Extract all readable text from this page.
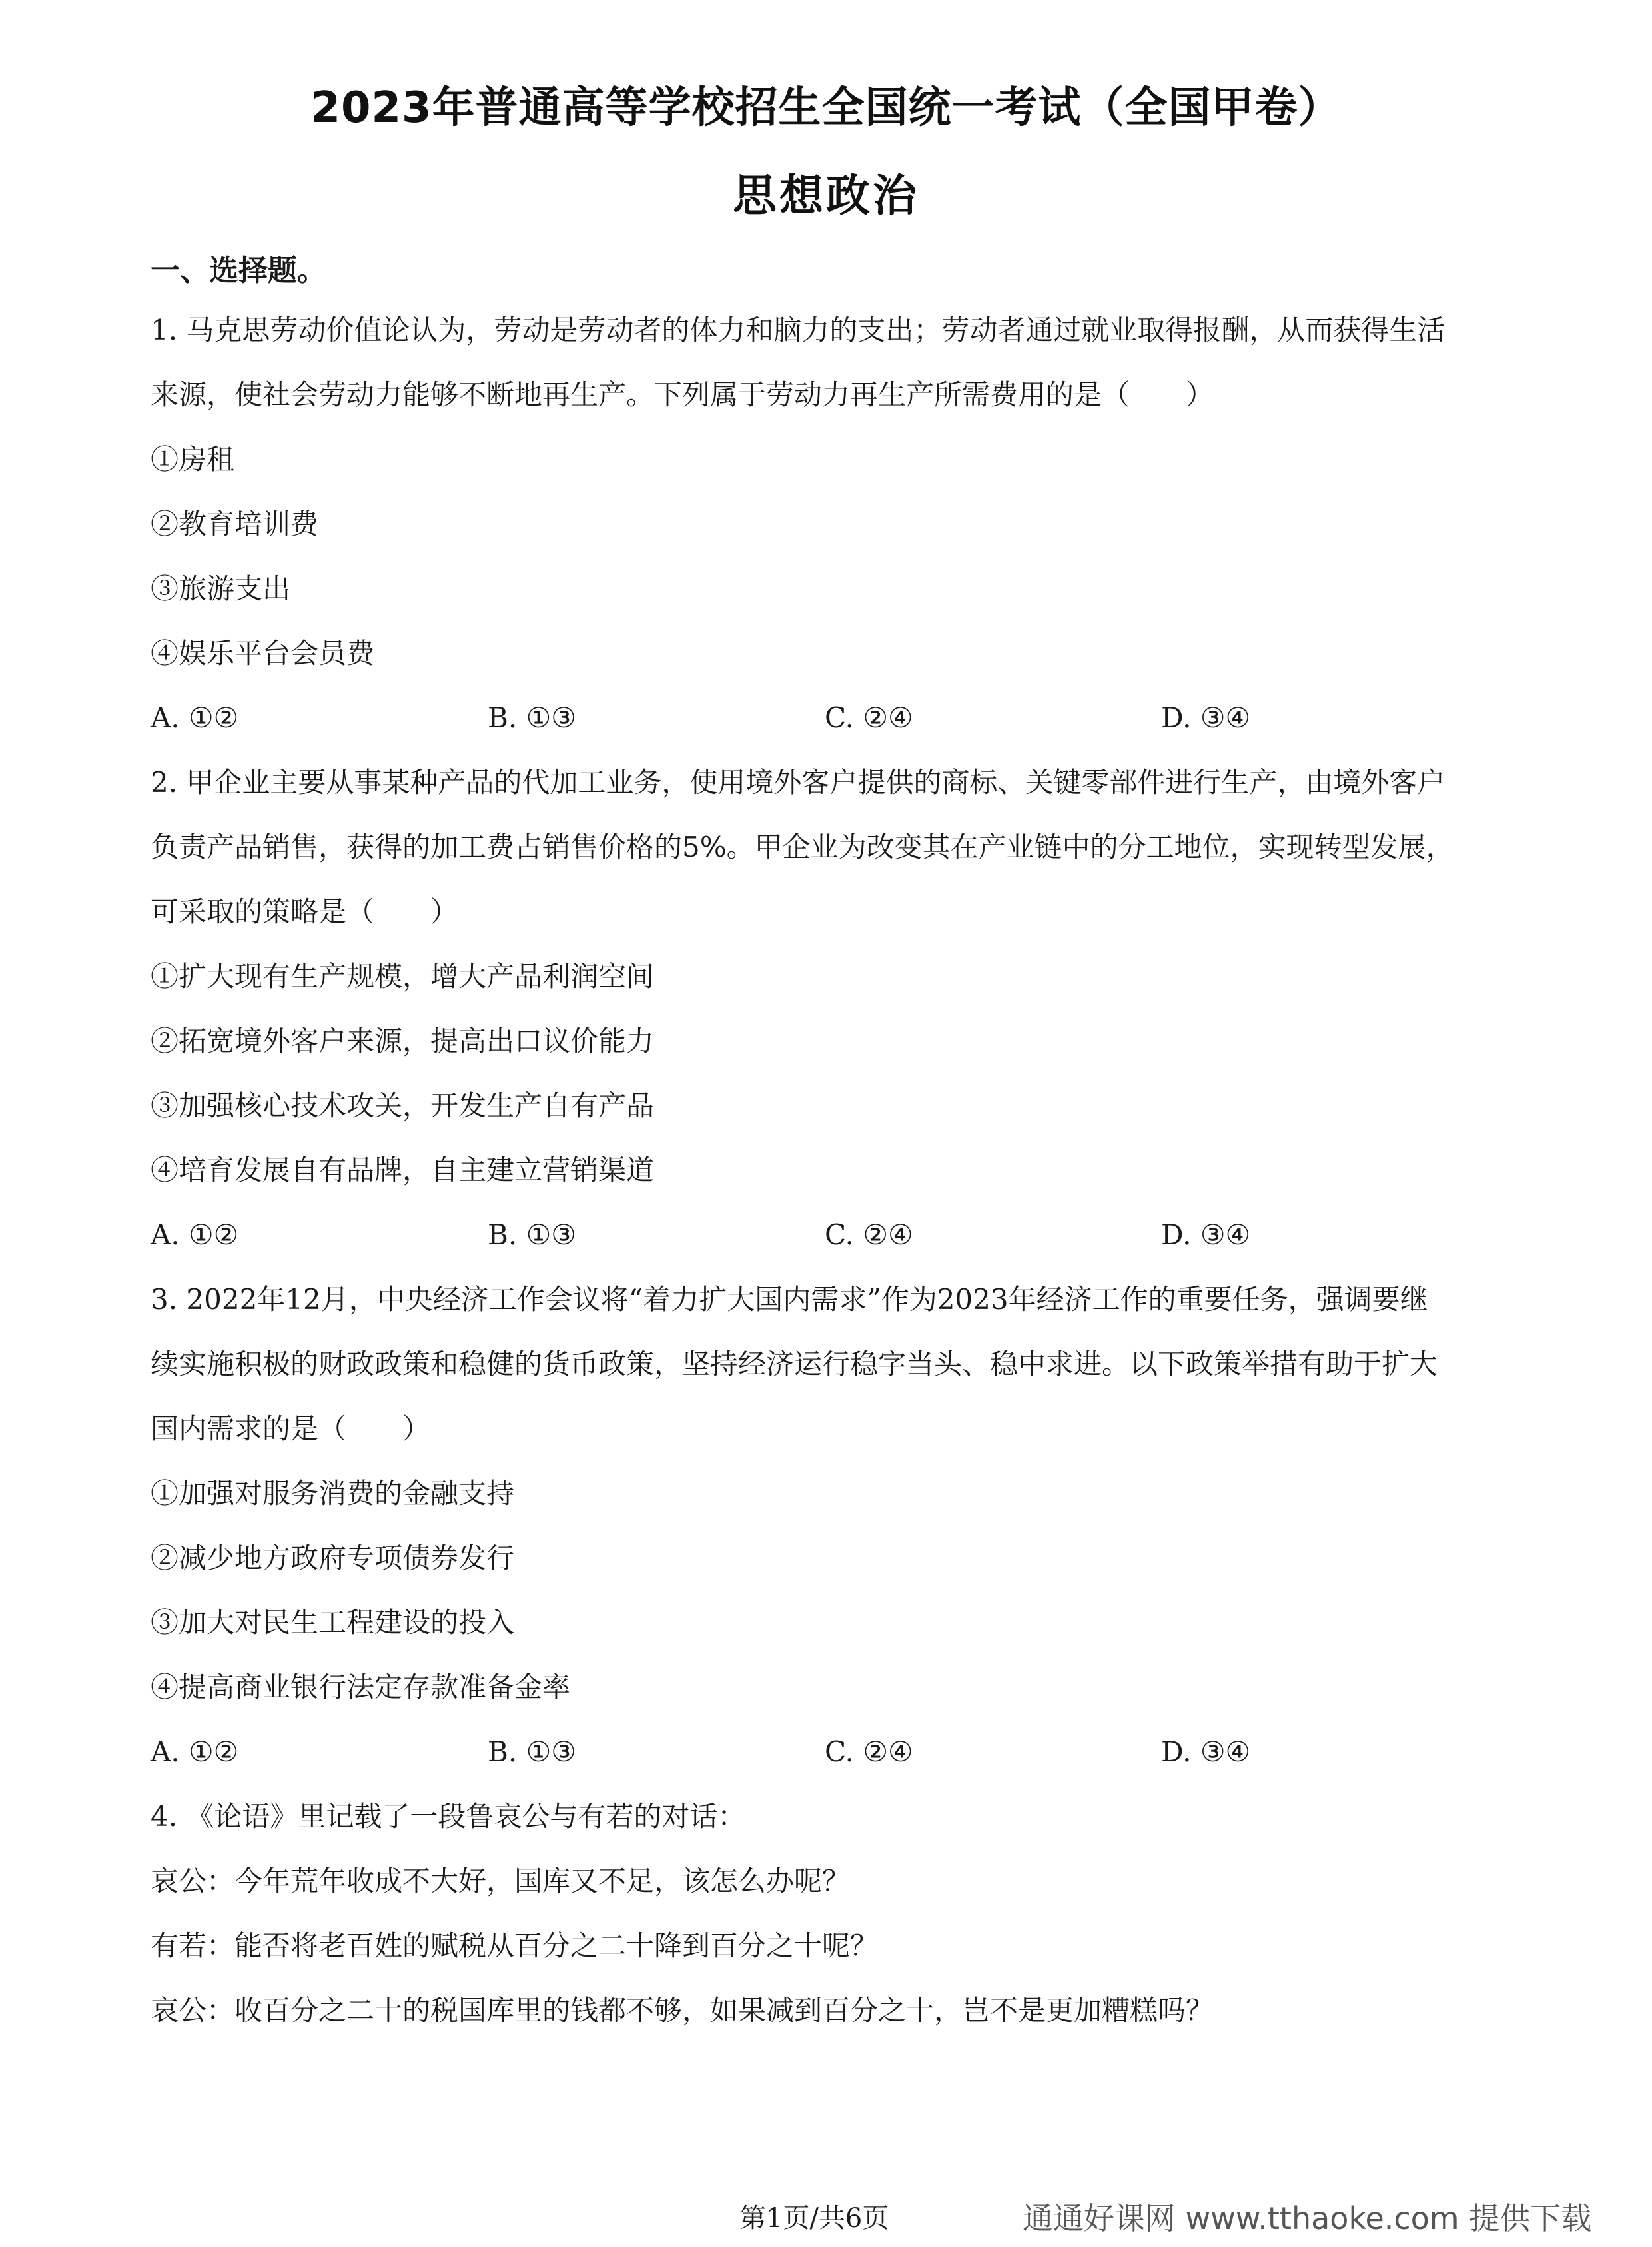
2023年普通高等学校招生全国统一考试（全国甲卷）
思想政治
一、选择题。
1. 马克思劳动价值论认为，劳动是劳动者的体力和脑力的支出；劳动者通过就业取得报酬，从而获得生活
来源，使社会劳动力能够不断地再生产。下列属于劳动力再生产所需费用的是（　　）
①房租
②教育培训费
③旅游支出
④娱乐平台会员费
A. ①②	B. ①③	C. ②④	D. ③④
2. 甲企业主要从事某种产品的代加工业务，使用境外客户提供的商标、关键零部件进行生产，由境外客户
负责产品销售，获得的加工费占销售价格的5%。甲企业为改变其在产业链中的分工地位，实现转型发展，
可采取的策略是（　　）
①扩大现有生产规模，增大产品利润空间
②拓宽境外客户来源，提高出口议价能力
③加强核心技术攻关，开发生产自有产品
④培育发展自有品牌，自主建立营销渠道
A. ①②	B. ①③	C. ②④	D. ③④
3. 2022年12月，中央经济工作会议将“着力扩大国内需求”作为2023年经济工作的重要任务，强调要继
续实施积极的财政政策和稳健的货币政策，坚持经济运行稳字当头、稳中求进。以下政策举措有助于扩大
国内需求的是（　　）
①加强对服务消费的金融支持
②减少地方政府专项债券发行
③加大对民生工程建设的投入
④提高商业银行法定存款准备金率
A. ①②	B. ①③	C. ②④	D. ③④
4. 《论语》里记载了一段鲁哀公与有若的对话：
哀公：今年荒年收成不大好，国库又不足，该怎么办呢？
有若：能否将老百姓的赋税从百分之二十降到百分之十呢？
哀公：收百分之二十的税国库里的钱都不够，如果减到百分之十，岂不是更加糟糕吗？
第1页/共6页	通通好课网 www.tthaoke.com 提供下载
